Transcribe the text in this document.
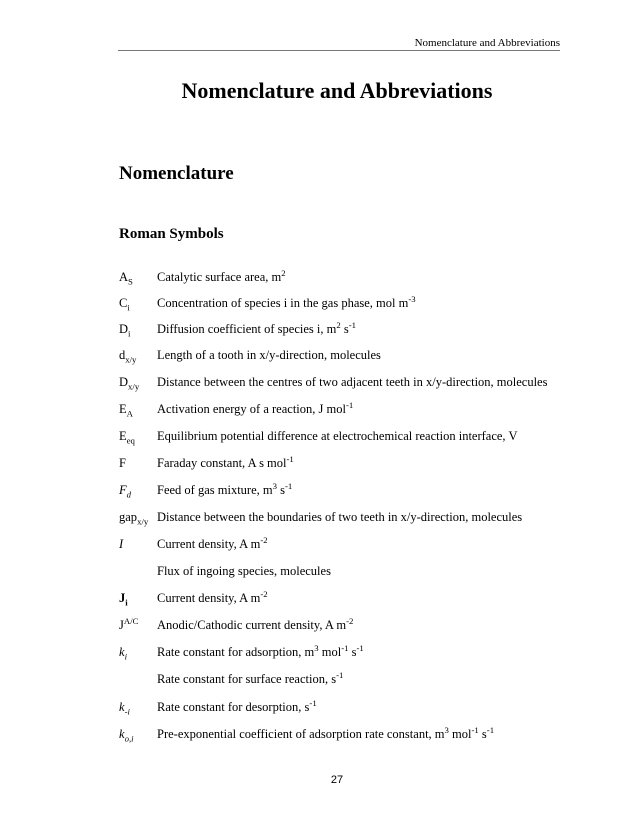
Nomenclature and Abbreviations
Nomenclature and Abbreviations
Nomenclature
Roman Symbols
$A_S$ Catalytic surface area, $m^2$
$C_i$ Concentration of species i in the gas phase, mol $m^{-3}$
$D_i$ Diffusion coefficient of species i, $m^2$ $s^{-1}$
$d_{x/y}$ Length of a tooth in x/y-direction, molecules
$D_{x/y}$ Distance between the centres of two adjacent teeth in x/y-direction, molecules
$E_A$ Activation energy of a reaction, J mol$^{-1}$
$E_{eq}$ Equilibrium potential difference at electrochemical reaction interface, V
F Faraday constant, A s mol$^{-1}$
$F_d$ Feed of gas mixture, $m^3$ $s^{-1}$
gap$_{x/y}$ Distance between the boundaries of two teeth in x/y-direction, molecules
I	Current density, A $m^{-2}$
Flux of ingoing species, molecules
$J_i$ Current density, A $m^{-2}$
$J^{A/C}$ Anodic/Cathodic current density, A $m^{-2}$
$k_i$ Rate constant for adsorption, $m^3$ mol$^{-1}$ $s^{-1}$
Rate constant for surface reaction, $s^{-1}$
$k_{-i}$ Rate constant for desorption, $s^{-1}$
$k_{o,i}$ Pre-exponential coefficient of adsorption rate constant, $m^3$ mol$^{-1}$ $s^{-1}$
27
